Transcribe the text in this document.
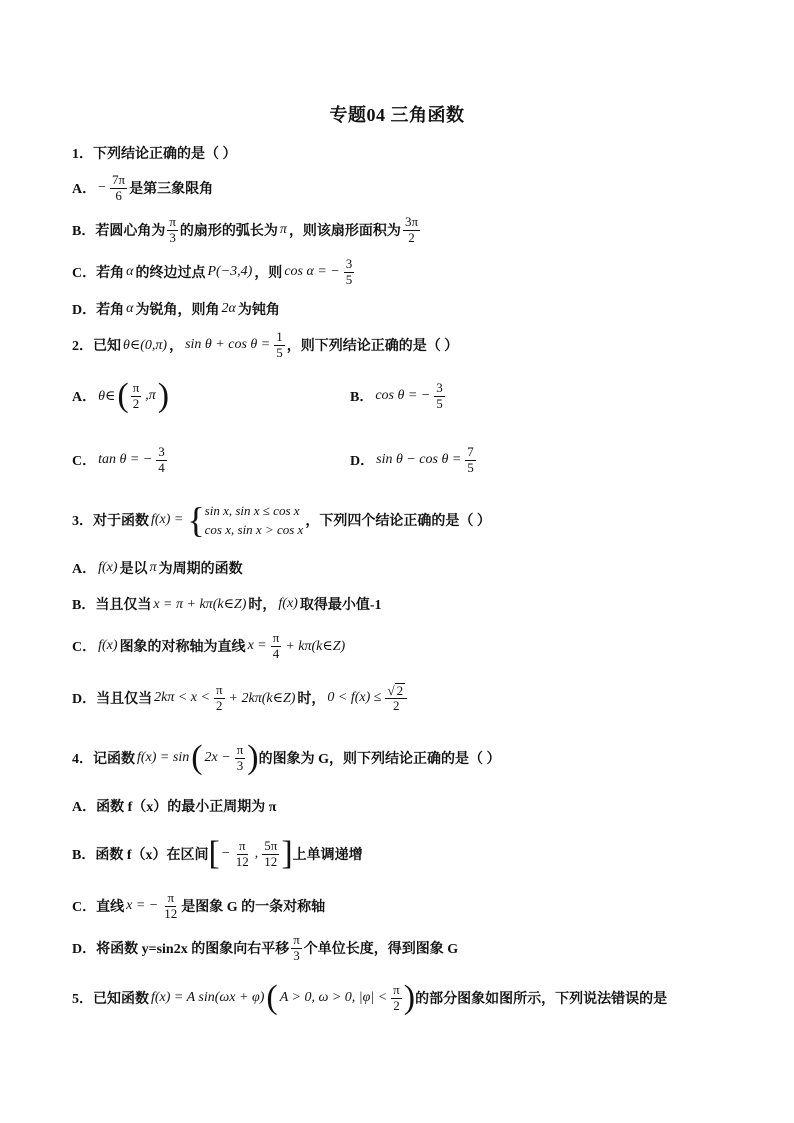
专题04 三角函数
1．下列结论正确的是（ ）
A． − $\frac{7\pi}{6}$ 是第三象限角
B．若圆心角为 $\frac{\pi}{3}$ 的扇形的弧长为 π ，则该扇形面积为 $\frac{3\pi}{2}$
C．若角 α 的终边过点 P(−3,4) ，则 cos α = − $\frac{3}{5}$
D．若角 α 为锐角，则角 2α 为钝角
2．已知 θ∈(0,π) ， $\sin \theta + \cos \theta = \frac{1}{5}$ ，则下列结论正确的是（ ）
A． θ∈ ( $\frac{\pi}{2} ,\pi$ )	B． cos θ = − $\frac{3}{5}$
C． tan θ = − $\frac{3}{4}$	D． $\sin \theta - \cos \theta = \frac{7}{5}$
3．对于函数 f(x) = { sin x, sin x ≤ cos x
cos x, sin x > cos x
，下列四个结论正确的是（ ）
A． f(x) 是以 π 为周期的函数
B．当且仅当 x = π + kπ(k∈Z) 时， f(x) 取得最小值-1
C． f(x) 图象的对称轴为直线 $x = \frac{\pi}{4}$ + kπ(k∈Z)
D．当且仅当 $2k\pi < x < \frac{\pi}{2}$ + 2kπ(k∈Z) 时， $0 < f(x) \le \frac{√ 2}{2}$
4．记函数 f(x) = sin ( $2x - \frac{\pi}{3}$ ) 的图象为 G，则下列结论正确的是（ ）
A．函数 f（x）的最小正周期为 π
B．函数 f（x）在区间 [ − $\frac{\pi}{12}$ , $\frac{5\pi}{12}$ ] 上单调递增
C．直线 x = − $\frac{\pi}{12}$ 是图象 G 的一条对称轴
D．将函数 y=sin2x 的图象向右平移 $\frac{\pi}{3}$ 个单位长度，得到图象 G
5．已知函数 f(x) = A sin(ωx + φ) ( A > 0, ω > 0, $|\varphi| < \frac{\pi}{2}$ ) 的部分图象如图所示，下列说法错误的是
